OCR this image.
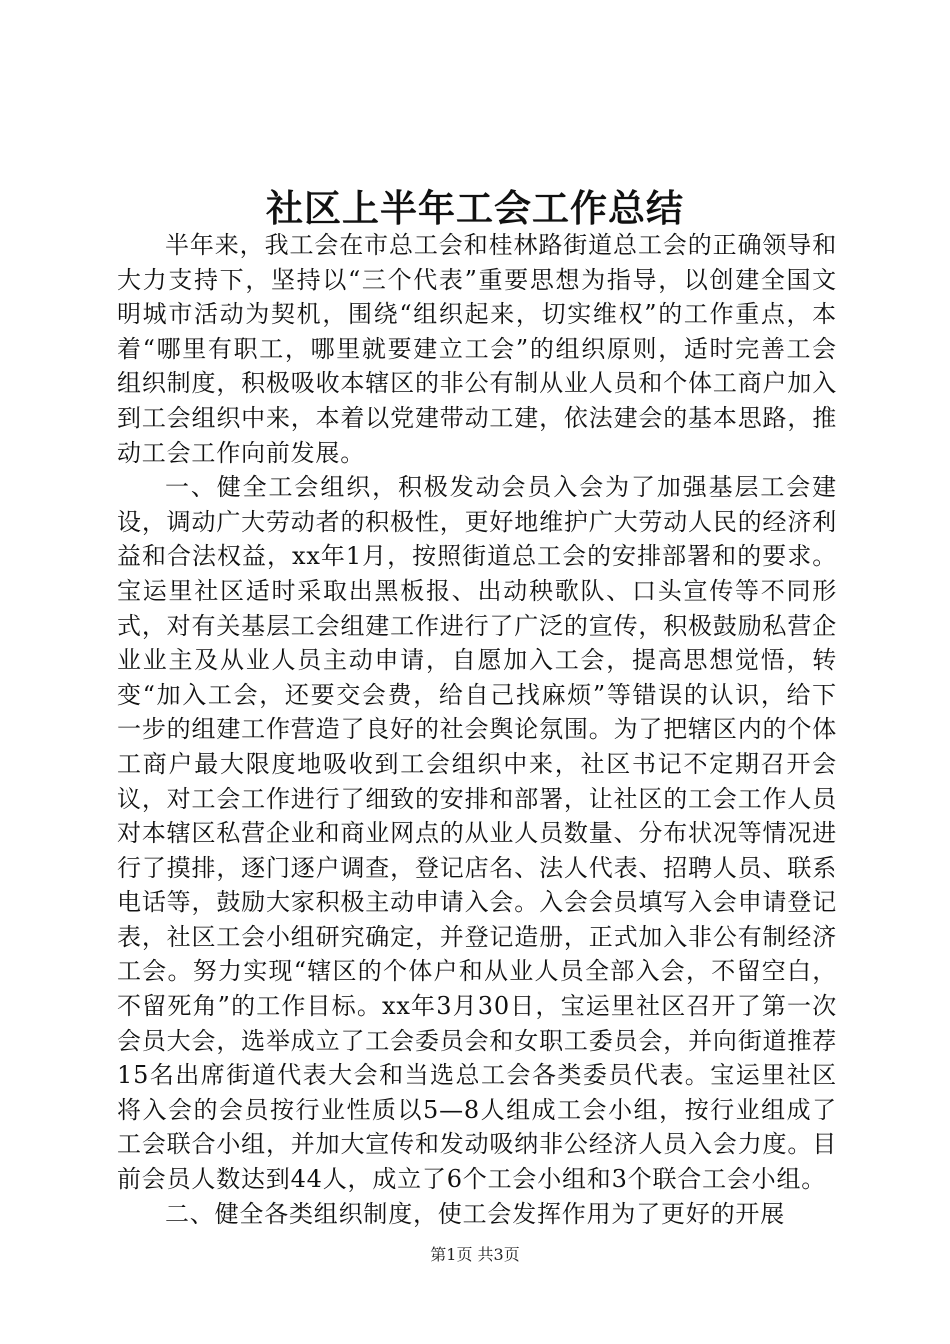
社区上半年工会工作总结

半年来，我工会在市总工会和桂林路街道总工会的正确领导和大力支持下，坚持以“三个代表”重要思想为指导，以创建全国文明城市活动为契机，围绕“组织起来，切实维权”的工作重点，本着“哪里有职工，哪里就要建立工会”的组织原则，适时完善工会组织制度，积极吸收本辖区的非公有制从业人员和个体工商户加入到工会组织中来，本着以党建带动工建，依法建会的基本思路，推动工会工作向前发展。

一、健全工会组织，积极发动会员入会为了加强基层工会建设，调动广大劳动者的积极性，更好地维护广大劳动人民的经济利益和合法权益，xx年1月，按照街道总工会的安排部署和的要求。宝运里社区适时采取出黑板报、出动秧歌队、口头宣传等不同形式，对有关基层工会组建工作进行了广泛的宣传，积极鼓励私营企业业主及从业人员主动申请，自愿加入工会，提高思想觉悟，转变“加入工会，还要交会费，给自己找麻烦”等错误的认识，给下一步的组建工作营造了良好的社会舆论氛围。为了把辖区内的个体工商户最大限度地吸收到工会组织中来，社区书记不定期召开会议，对工会工作进行了细致的安排和部署，让社区的工会工作人员对本辖区私营企业和商业网点的从业人员数量、分布状况等情况进行了摸排，逐门逐户调查，登记店名、法人代表、招聘人员、联系电话等，鼓励大家积极主动申请入会。入会会员填写入会申请登记表，社区工会小组研究确定，并登记造册，正式加入非公有制经济工会。努力实现“辖区的个体户和从业人员全部入会，不留空白，不留死角”的工作目标。xx年3月30日，宝运里社区召开了第一次会员大会，选举成立了工会委员会和女职工委员会，并向街道推荐15名出席街道代表大会和当选总工会各类委员代表。宝运里社区将入会的会员按行业性质以5—8人组成工会小组，按行业组成了工会联合小组，并加大宣传和发动吸纳非公经济人员入会力度。目前会员人数达到44人，成立了6个工会小组和3个联合工会小组。

二、健全各类组织制度，使工会发挥作用为了更好的开展

第1页 共3页
